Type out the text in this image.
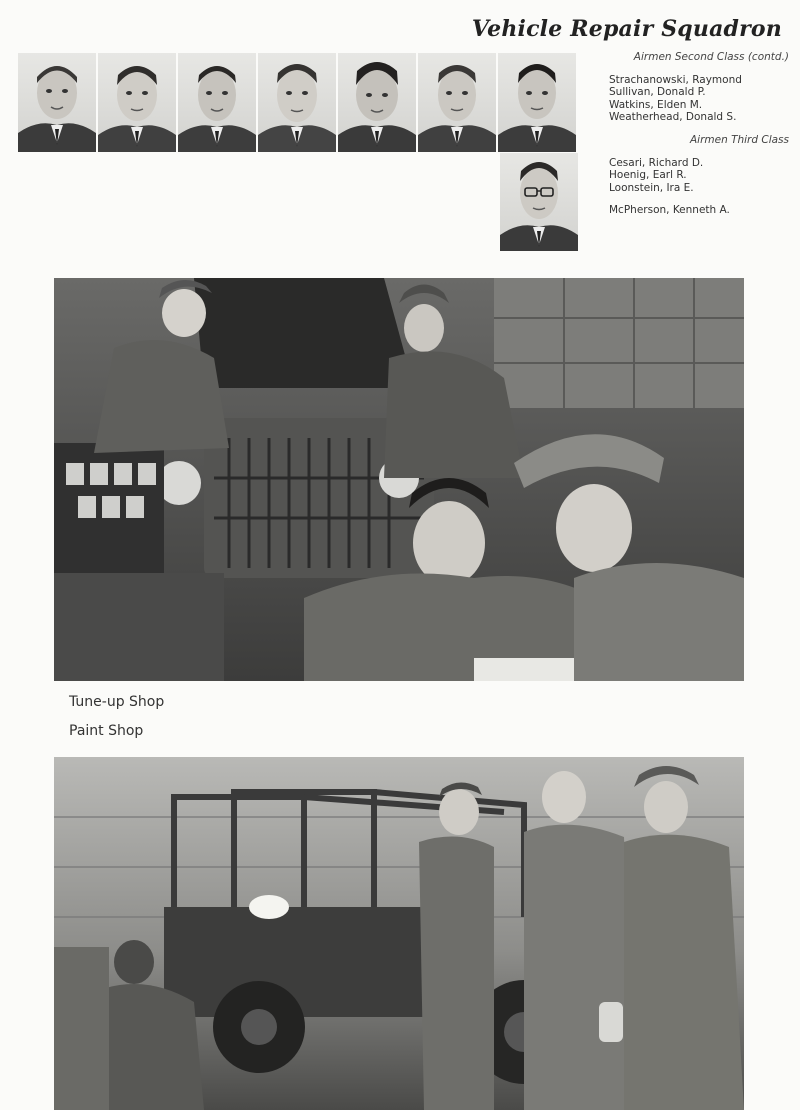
Vehicle Repair Squadron
Airmen Second Class (contd.)
Strachanowski, Raymond
Sullivan, Donald P.
Watkins, Elden M.
Weatherhead, Donald S.
Airmen Third Class
Cesari, Richard D.
Hoenig, Earl R.
Loonstein, Ira E.
McPherson, Kenneth A.
Tune-up Shop
Paint Shop
